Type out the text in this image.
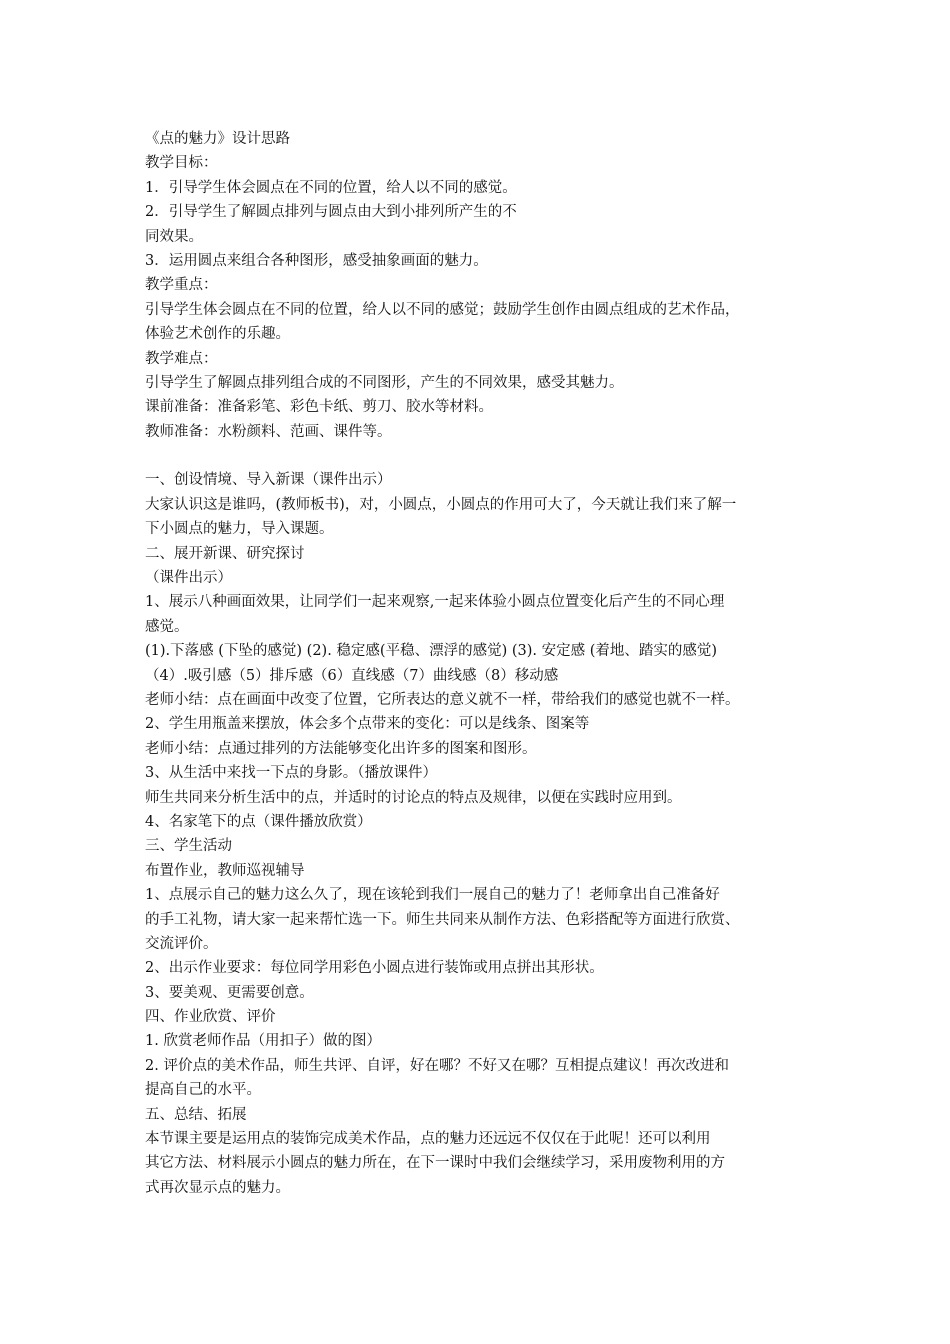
《点的魅力》设计思路
教学目标：
1．引导学生体会圆点在不同的位置，给人以不同的感觉。
2．引导学生了解圆点排列与圆点由大到小排列所产生的不
同效果。
3．运用圆点来组合各种图形，感受抽象画面的魅力。
教学重点：
引导学生体会圆点在不同的位置，给人以不同的感觉；鼓励学生创作由圆点组成的艺术作品，
体验艺术创作的乐趣。
教学难点：
引导学生了解圆点排列组合成的不同图形，产生的不同效果，感受其魅力。
课前准备：准备彩笔、彩色卡纸、剪刀、胶水等材料。
教师准备：水粉颜料、范画、课件等。
一、创设情境、导入新课（课件出示）
大家认识这是谁吗，(教师板书)，对，小圆点，小圆点的作用可大了，今天就让我们来了解一
下小圆点的魅力，导入课题。
二、展开新课、研究探讨
（课件出示）
1、展示八种画面效果，让同学们一起来观察,一起来体验小圆点位置变化后产生的不同心理
感觉。
(1).下落感 (下坠的感觉) (2). 稳定感(平稳、漂浮的感觉) (3). 安定感 (着地、踏实的感觉)
（4）.吸引感（5）排斥感（6）直线感（7）曲线感（8）移动感
老师小结：点在画面中改变了位置，它所表达的意义就不一样，带给我们的感觉也就不一样。
2、学生用瓶盖来摆放，体会多个点带来的变化：可以是线条、图案等
老师小结：点通过排列的方法能够变化出许多的图案和图形。
3、从生活中来找一下点的身影。（播放课件）
师生共同来分析生活中的点，并适时的讨论点的特点及规律，以便在实践时应用到。
4、名家笔下的点（课件播放欣赏）
三、学生活动
布置作业，教师巡视辅导
1、点展示自己的魅力这么久了，现在该轮到我们一展自己的魅力了！老师拿出自己准备好
的手工礼物，请大家一起来帮忙选一下。师生共同来从制作方法、色彩搭配等方面进行欣赏、
交流评价。
2、出示作业要求：每位同学用彩色小圆点进行装饰或用点拼出其形状。
3、要美观、更需要创意。
四、作业欣赏、评价
1. 欣赏老师作品（用扣子）做的图）
2. 评价点的美术作品，师生共评、自评，好在哪？不好又在哪？互相提点建议！再次改进和
提高自己的水平。
五、总结、拓展
本节课主要是运用点的装饰完成美术作品，点的魅力还远远不仅仅在于此呢！还可以利用
其它方法、材料展示小圆点的魅力所在，在下一课时中我们会继续学习，采用废物利用的方
式再次显示点的魅力。
